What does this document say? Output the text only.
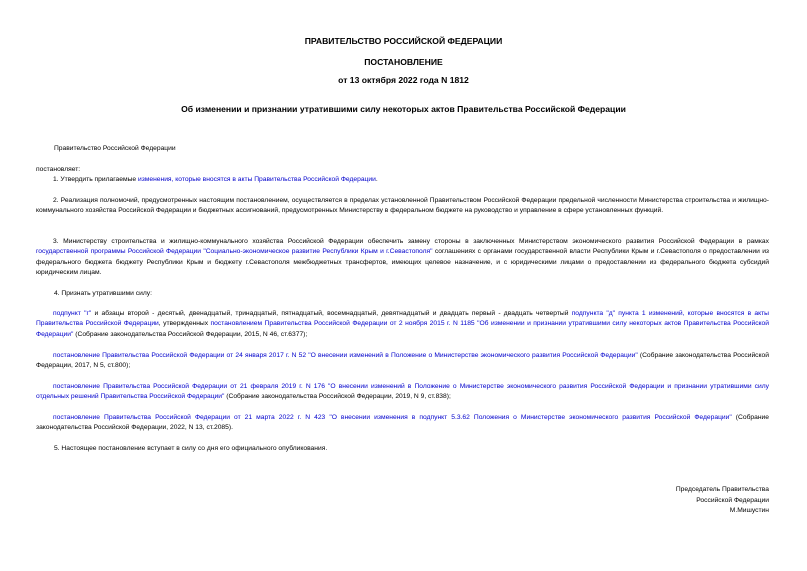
ПРАВИТЕЛЬСТВО РОССИЙСКОЙ ФЕДЕРАЦИИ
ПОСТАНОВЛЕНИЕ
от 13 октября 2022 года N 1812
Об изменении и признании утратившими силу некоторых актов Правительства Российской Федерации
Правительство Российской Федерации
постановляет:
1. Утвердить прилагаемые изменения, которые вносятся в акты Правительства Российской Федерации.
2. Реализация полномочий, предусмотренных настоящим постановлением, осуществляется в пределах установленной Правительством Российской Федерации предельной численности Министерства строительства и жилищно-коммунального хозяйства Российской Федерации и бюджетных ассигнований, предусмотренных Министерству в федеральном бюджете на руководство и управление в сфере установленных функций.
3. Министерству строительства и жилищно-коммунального хозяйства Российской Федерации обеспечить замену стороны в заключенных Министерством экономического развития Российской Федерации в рамках государственной программы Российской Федерации "Социально-экономическое развитие Республики Крым и г.Севастополя" соглашениях с органами государственной власти Республики Крым и г.Севастополя о предоставлении из федерального бюджета бюджету Республики Крым и бюджету г.Севастополя межбюджетных трансфертов, имеющих целевое назначение, и с юридическими лицами о предоставлении из федерального бюджета субсидий юридическим лицам.
4. Признать утратившими силу:
подпункт "г" и абзацы второй - десятый, двенадцатый, тринадцатый, пятнадцатый, восемнадцатый, девятнадцатый и двадцать первый - двадцать четвертый подпункта "д" пункта 1 изменений, которые вносятся в акты Правительства Российской Федерации, утвержденных постановлением Правительства Российской Федерации от 2 ноября 2015 г. N 1185 "Об изменении и признании утратившими силу некоторых актов Правительства Российской Федерации" (Собрание законодательства Российской Федерации, 2015, N 46, ст.6377);
постановление Правительства Российской Федерации от 24 января 2017 г. N 52 "О внесении изменений в Положение о Министерстве экономического развития Российской Федерации" (Собрание законодательства Российской Федерации, 2017, N 5, ст.800);
постановление Правительства Российской Федерации от 21 февраля 2019 г. N 176 "О внесении изменений в Положение о Министерстве экономического развития Российской Федерации и признании утратившими силу отдельных решений Правительства Российской Федерации" (Собрание законодательства Российской Федерации, 2019, N 9, ст.838);
постановление Правительства Российской Федерации от 21 марта 2022 г. N 423 "О внесении изменения в подпункт 5.3.62 Положения о Министерстве экономического развития Российской Федерации" (Собрание законодательства Российской Федерации, 2022, N 13, ст.2085).
5. Настоящее постановление вступает в силу со дня его официального опубликования.
Председатель Правительства
Российской Федерации
М.Мишустин
